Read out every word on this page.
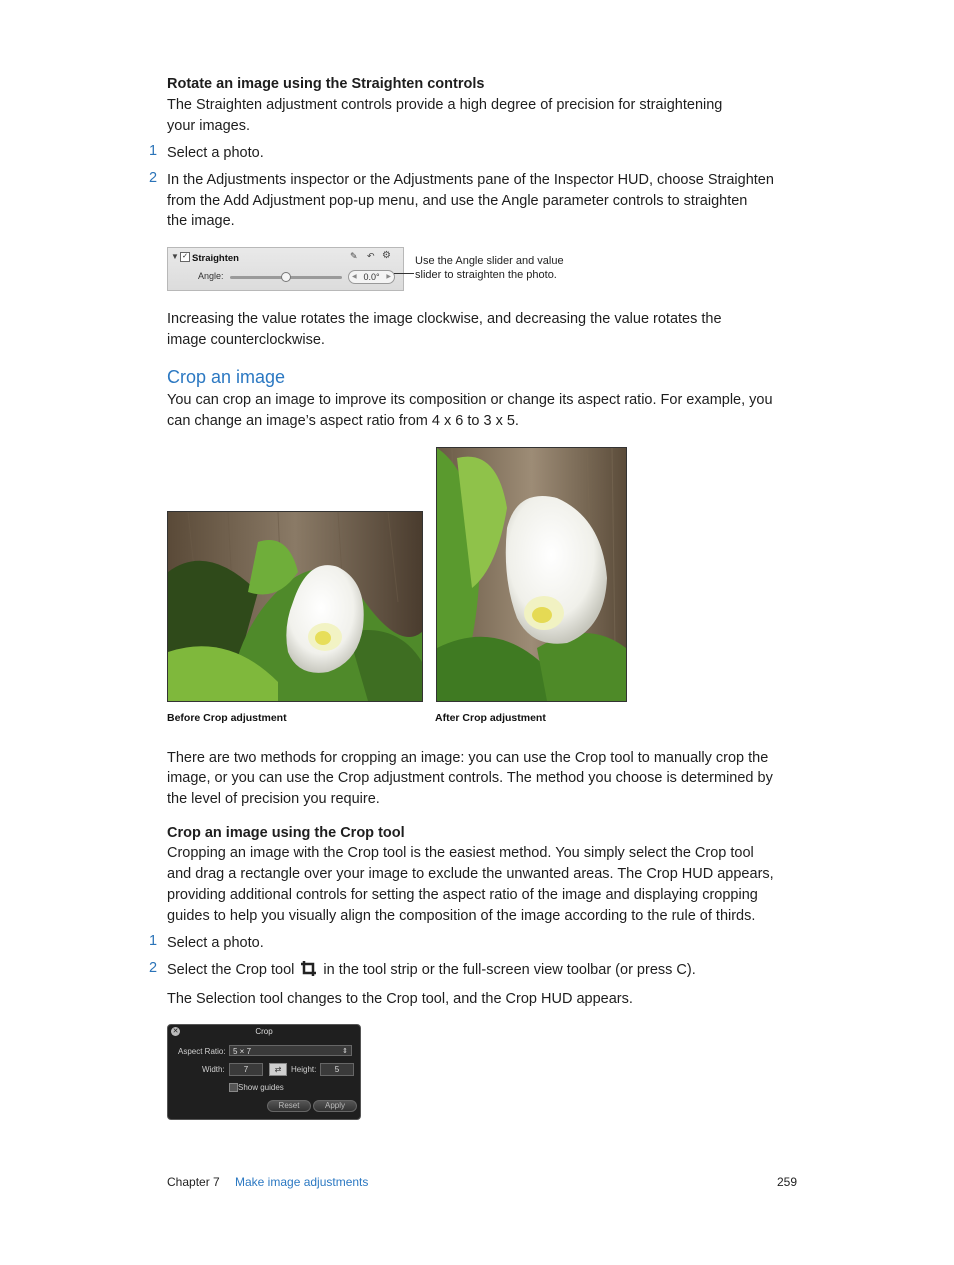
Rotate an image using the Straighten controls
The Straighten adjustment controls provide a high degree of precision for straightening
your images.
1 Select a photo.
2 In the Adjustments inspector or the Adjustments pane of the Inspector HUD, choose Straighten
from the Add Adjustment pop-up menu, and use the Angle parameter controls to straighten
the image.
▼ ✓ Straighten	✎ ↶ ⚙
Angle:	◀ 0.0° ▶
Use the Angle slider and value
slider to straighten the photo.
Increasing the value rotates the image clockwise, and decreasing the value rotates the
image counterclockwise.
Crop an image
You can crop an image to improve its composition or change its aspect ratio. For example, you
can change an image’s aspect ratio from 4 x 6 to 3 x 5.
Before Crop adjustment	After Crop adjustment
There are two methods for cropping an image: you can use the Crop tool to manually crop the
image, or you can use the Crop adjustment controls. The method you choose is determined by
the level of precision you require.
Crop an image using the Crop tool
Cropping an image with the Crop tool is the easiest method. You simply select the Crop tool
and drag a rectangle over your image to exclude the unwanted areas. The Crop HUD appears,
providing additional controls for setting the aspect ratio of the image and displaying cropping
guides to help you visually align the composition of the image according to the rule of thirds.
1 Select a photo.
2 Select the Crop tool in the tool strip or the full-screen view toolbar (or press C).
The Selection tool changes to the Crop tool, and the Crop HUD appears.
✕	Crop
Aspect Ratio: 5 × 7	⇕
Width:	7	⇄	Height:	5
Show guides
Reset	Apply
Chapter 7 Make image adjustments	259
